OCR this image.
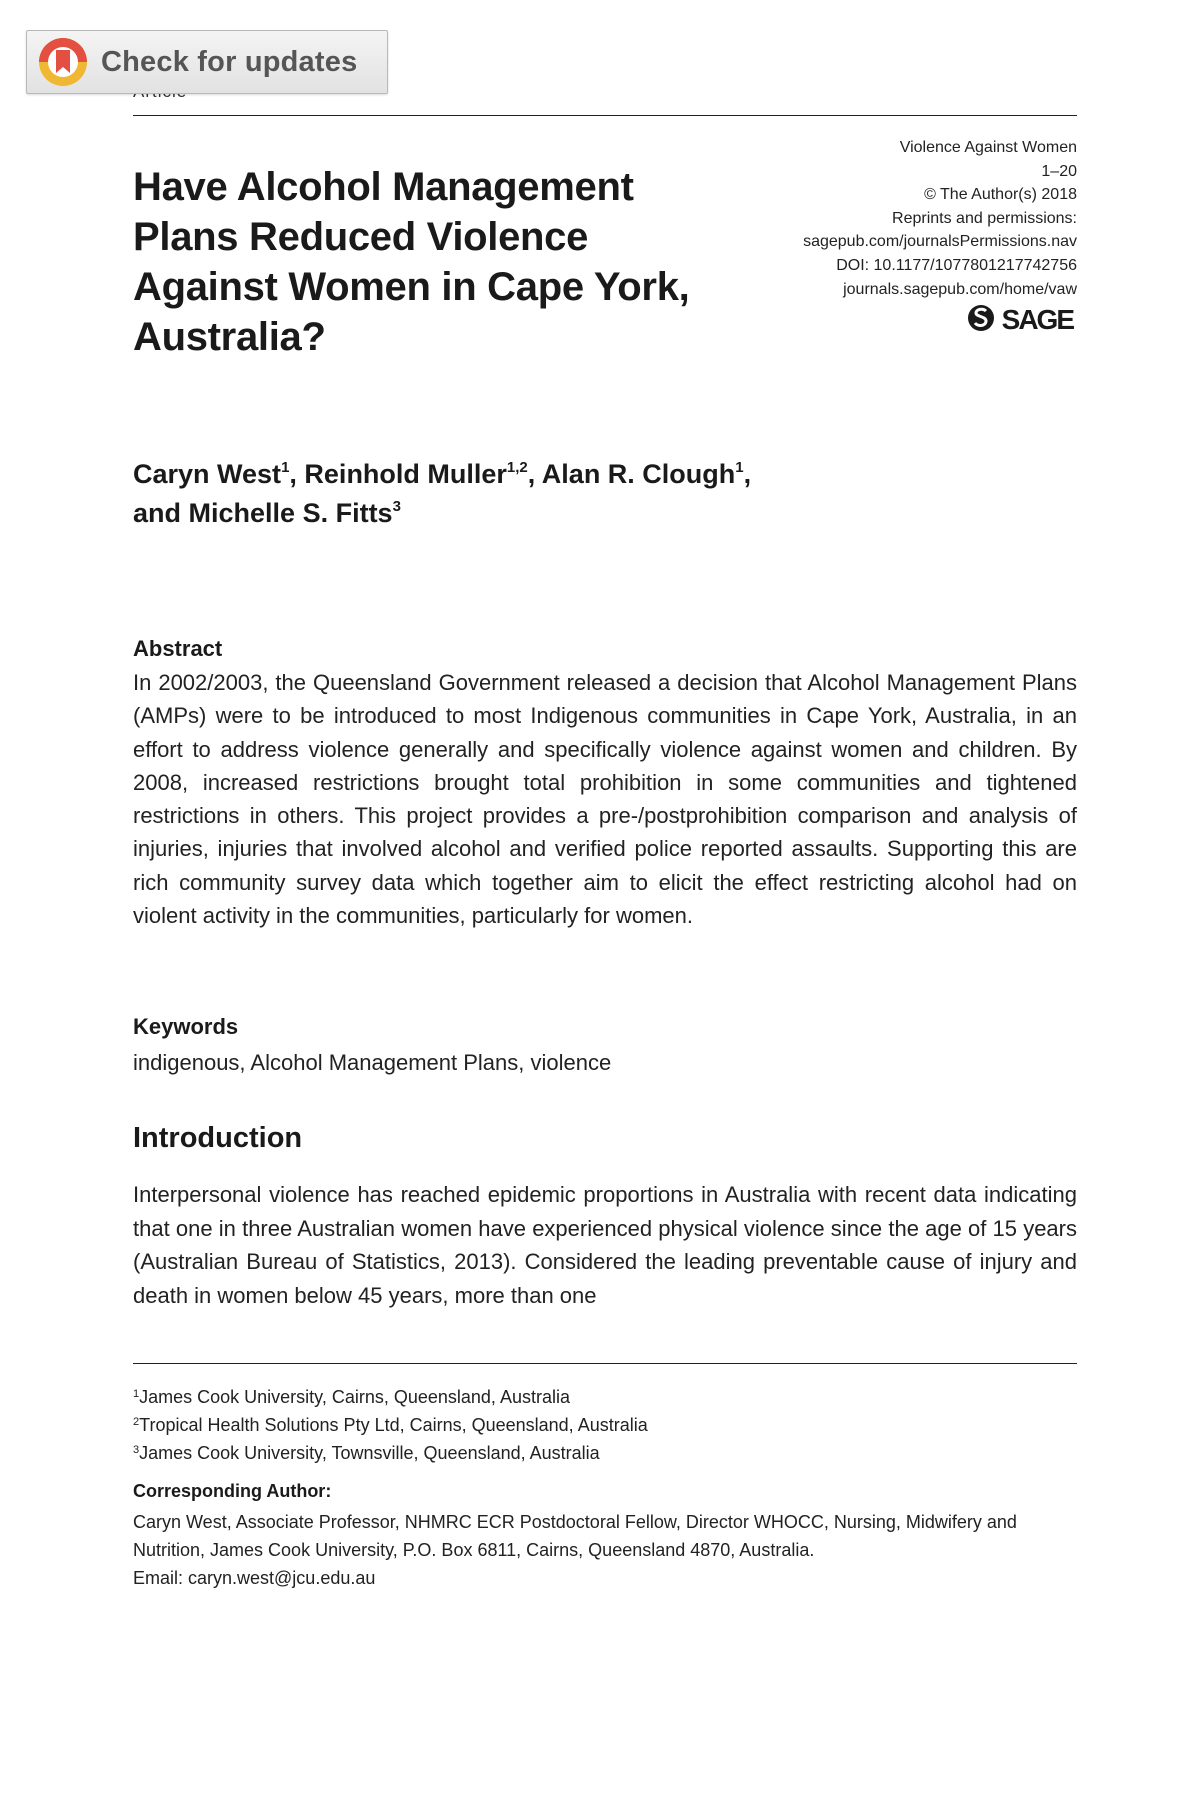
Check for updates
Have Alcohol Management Plans Reduced Violence Against Women in Cape York, Australia?
Violence Against Women
1–20
© The Author(s) 2018
Reprints and permissions:
sagepub.com/journalsPermissions.nav
DOI: 10.1177/1077801217742756
journals.sagepub.com/home/vaw
SAGE

Caryn West$^1$, Reinhold Muller$^{1,2}$, Alan R. Clough$^1$,
and Michelle S. Fitts$^3$

Abstract

In 2002/2003, the Queensland Government released a decision that Alcohol Management Plans (AMPs) were to be introduced to most Indigenous communities in Cape York, Australia, in an effort to address violence generally and specifically violence against women and children. By 2008, increased restrictions brought total prohibition in some communities and tightened restrictions in others. This project provides a pre-/postprohibition comparison and analysis of injuries, injuries that involved alcohol and verified police reported assaults. Supporting this are rich community survey data which together aim to elicit the effect restricting alcohol had on violent activity in the communities, particularly for women.

Keywords

indigenous, Alcohol Management Plans, violence

Introduction

Interpersonal violence has reached epidemic proportions in Australia with recent data indicating that one in three Australian women have experienced physical violence since the age of 15 years (Australian Bureau of Statistics, 2013). Considered the leading preventable cause of injury and death in women below 45 years, more than one

$^1$James Cook University, Cairns, Queensland, Australia
$^2$Tropical Health Solutions Pty Ltd, Cairns, Queensland, Australia
$^3$James Cook University, Townsville, Queensland, Australia
Corresponding Author:

Caryn West, Associate Professor, NHMRC ECR Postdoctoral Fellow, Director WHOCC, Nursing, Midwifery and Nutrition, James Cook University, P.O. Box 6811, Cairns, Queensland 4870, Australia.
Email: caryn.west@jcu.edu.au
